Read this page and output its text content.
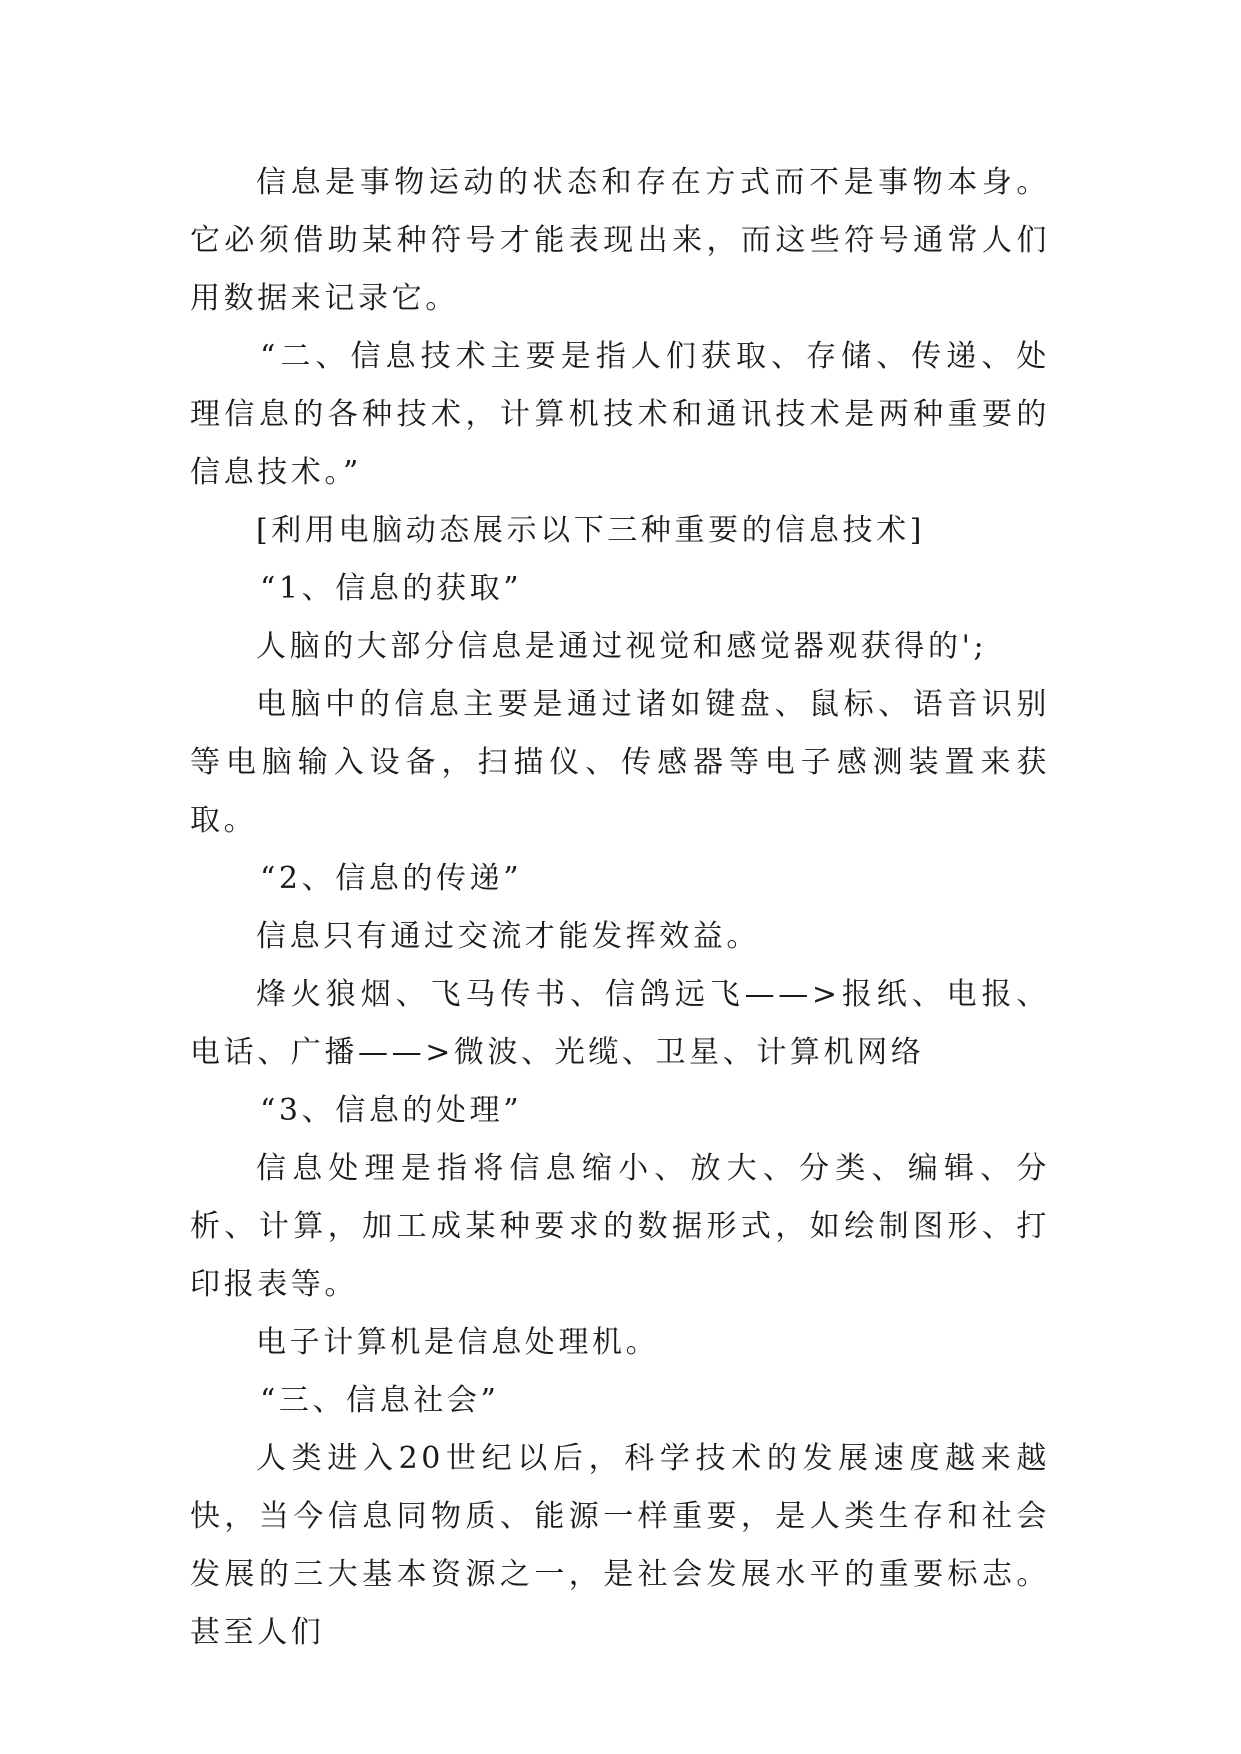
信息是事物运动的状态和存在方式而不是事物本身。它必须借助某种符号才能表现出来，而这些符号通常人们用数据来记录它。

“二、信息技术主要是指人们获取、存储、传递、处理信息的各种技术，计算机技术和通讯技术是两种重要的信息技术。”

[利用电脑动态展示以下三种重要的信息技术]

“1、信息的获取”

人脑的大部分信息是通过视觉和感觉器观获得的';

电脑中的信息主要是通过诸如键盘、鼠标、语音识别等电脑输入设备，扫描仪、传感器等电子感测装置来获取。

“2、信息的传递”

信息只有通过交流才能发挥效益。

烽火狼烟、飞马传书、信鸽远飞——>报纸、电报、电话、广播——>微波、光缆、卫星、计算机网络

“3、信息的处理”

信息处理是指将信息缩小、放大、分类、编辑、分析、计算，加工成某种要求的数据形式，如绘制图形、打印报表等。

电子计算机是信息处理机。

“三、信息社会”

人类进入20世纪以后，科学技术的发展速度越来越快，当今信息同物质、能源一样重要，是人类生存和社会发展的三大基本资源之一，是社会发展水平的重要标志。甚至人们
